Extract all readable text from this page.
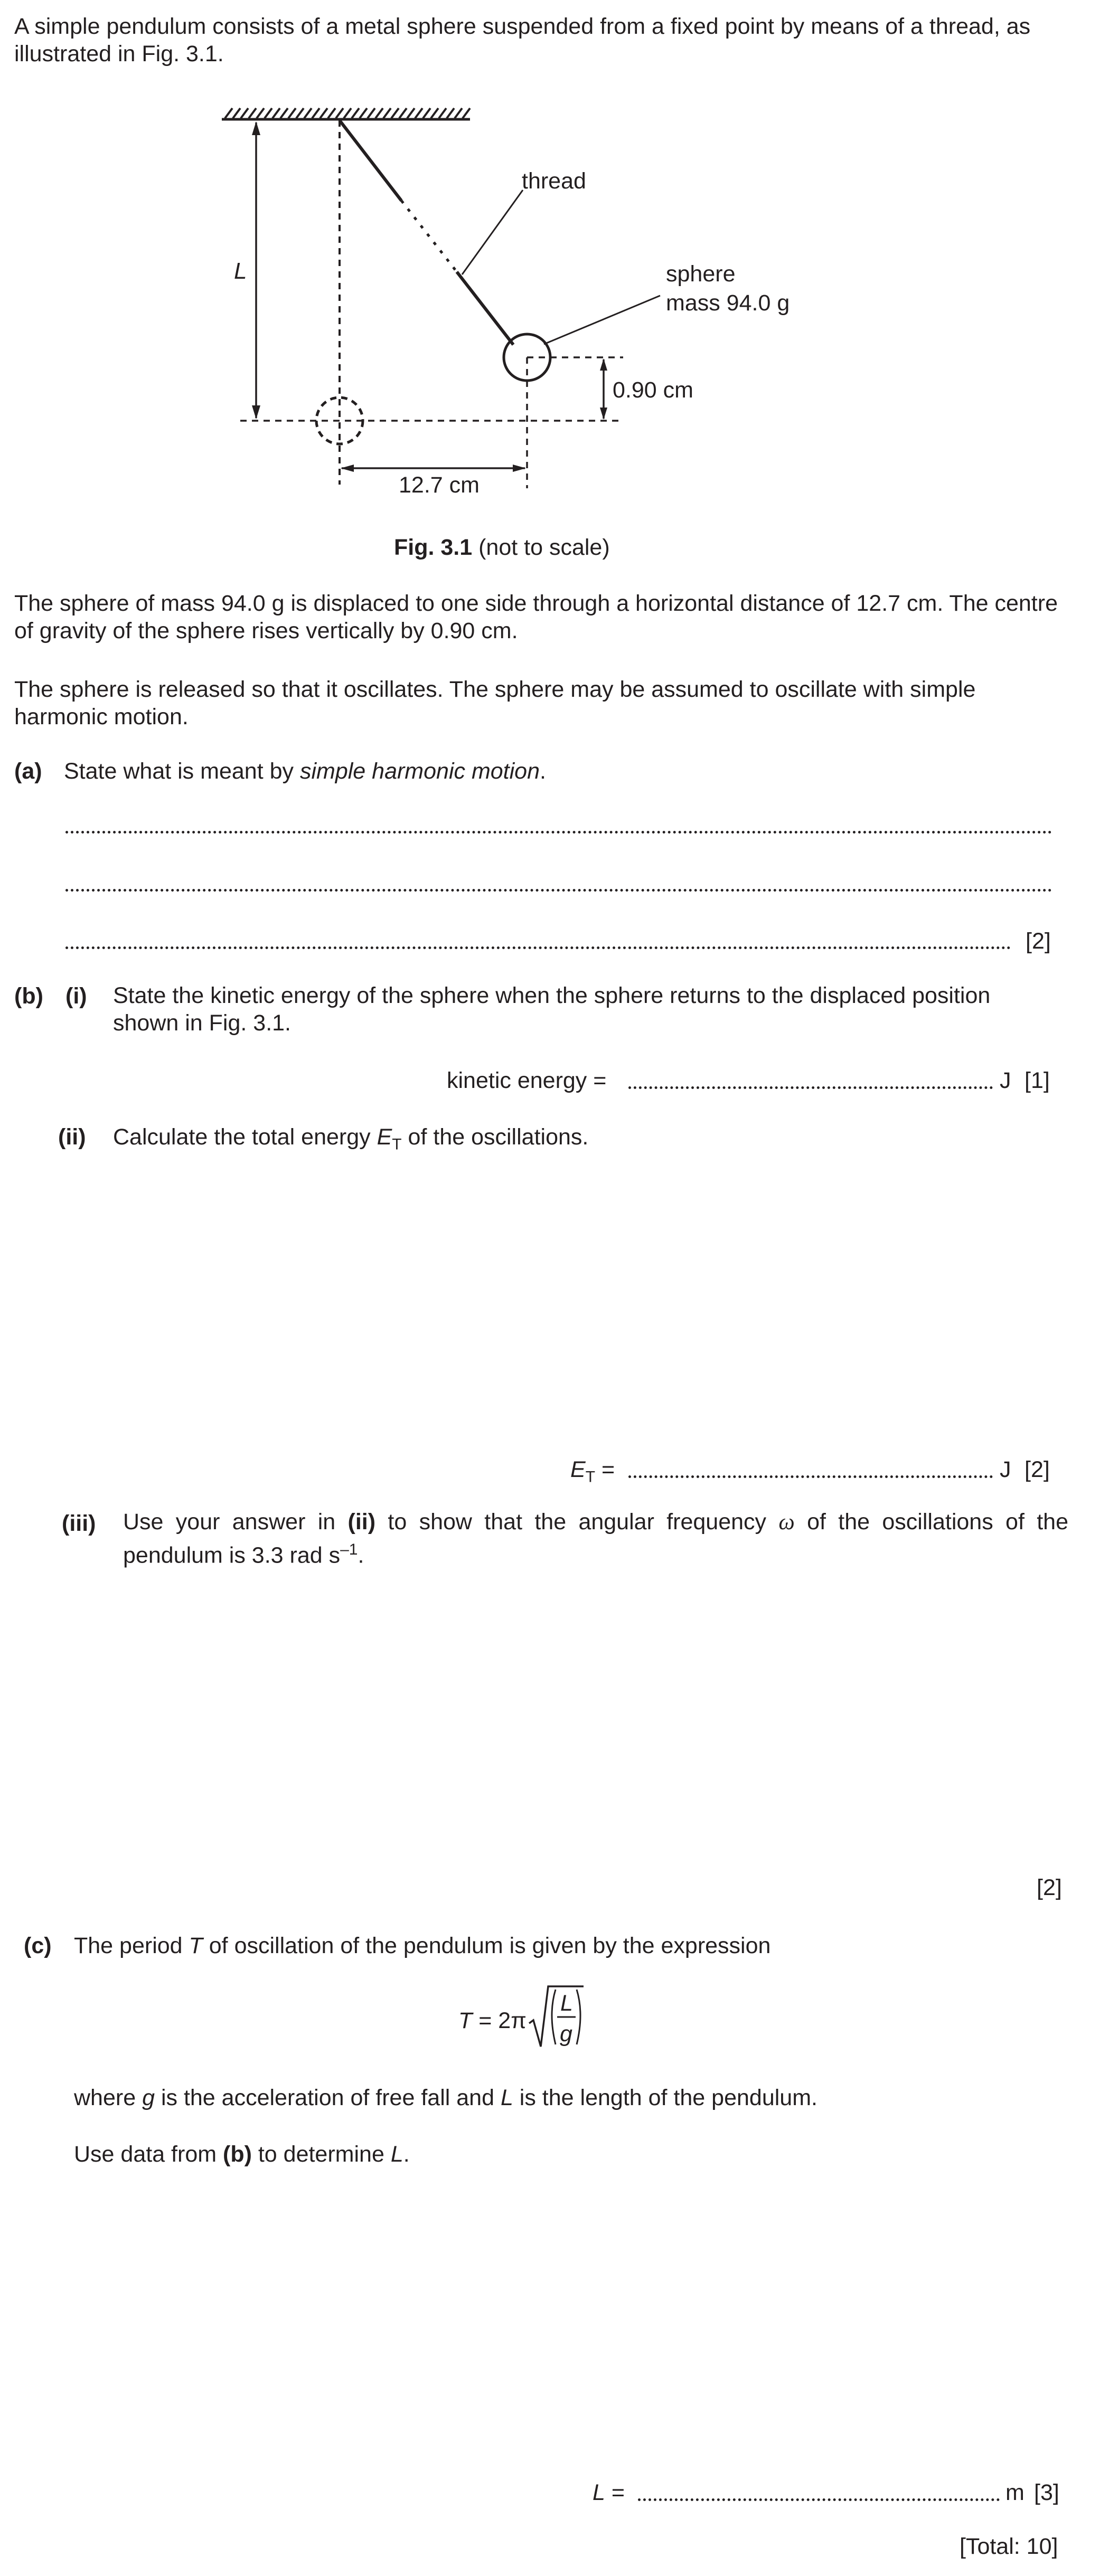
A simple pendulum consists of a metal sphere suspended from a fixed point by means of a thread, as illustrated in Fig. 3.1.
L
thread
sphere
mass 94.0 g
0.90 cm
12.7 cm
Fig. 3.1 (not to scale)
The sphere of mass 94.0 g is displaced to one side through a horizontal distance of 12.7 cm. The centre of gravity of the sphere rises vertically by 0.90 cm.
The sphere is released so that it oscillates. The sphere may be assumed to oscillate with simple harmonic motion.
(a) State what is meant by simple harmonic motion.
[2]
(b) (i) State the kinetic energy of the sphere when the sphere returns to the displaced position shown in Fig. 3.1.
kinetic energy =	J [1]
(ii) Calculate the total energy $E_T$ of the oscillations.
$E_T$ =	J [2]
(iii) Use your answer in (ii) to show that the angular frequency ω of the oscillations of the pendulum is 3.3 rad $s^{-1}$.
[2]
(c) The period T of oscillation of the pendulum is given by the expression
T = 2π
L
g
where g is the acceleration of free fall and L is the length of the pendulum.
Use data from (b) to determine L.
L =	m [3]
[Total: 10]
